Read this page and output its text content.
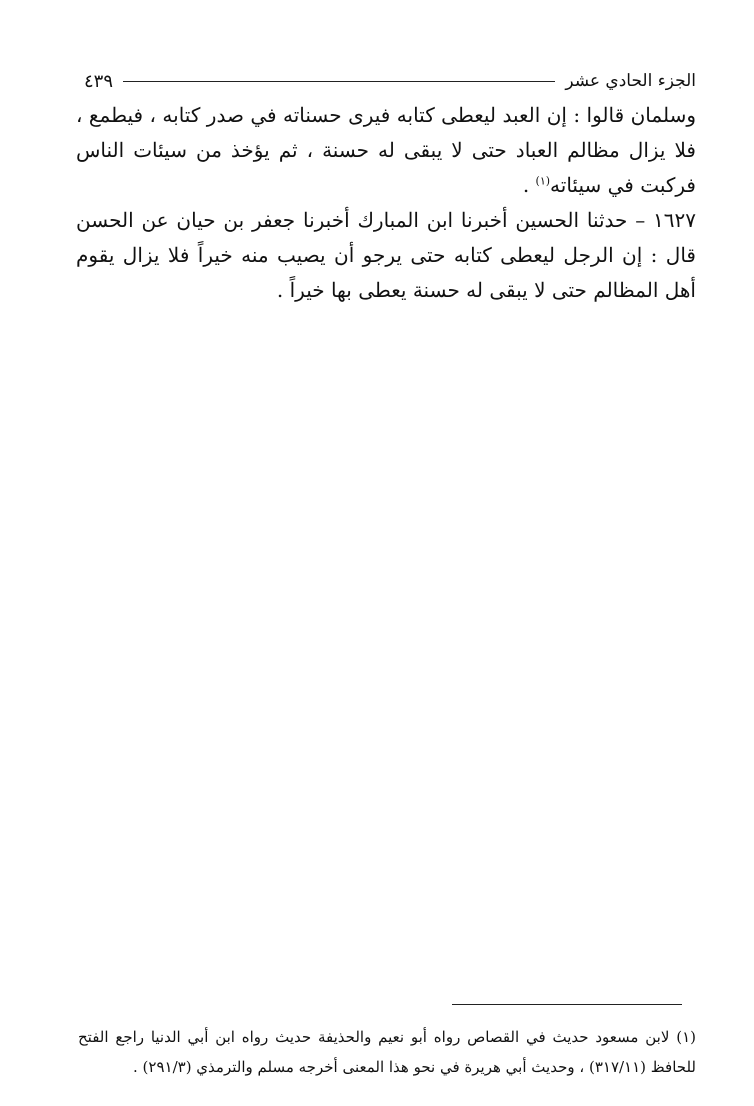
الجزء الحادي عشر
٤٣٩

وسلمان قالوا : إن العبد ليعطى كتابه فيرى حسناته في صدر كتابه ، فيطمع ، فلا يزال مظالم العباد حتى لا يبقى له حسنة ، ثم يؤخذ من سيئات الناس فركبت في سيئاته$^{(١)}$ .

١٦٢٧ – حدثنا الحسين أخبرنا ابن المبارك أخبرنا جعفر بن حيان عن الحسن قال : إن الرجل ليعطى كتابه حتى يرجو أن يصيب منه خيراً فلا يزال يقوم أهل المظالم حتى لا يبقى له حسنة يعطى بها خيراً .

(١) لابن مسعود حديث في القصاص رواه أبو نعيم والحذيفة حديث رواه ابن أبي الدنيا راجع الفتح للحافظ (٣١٧/١١) ، وحديث أبي هريرة في نحو هذا المعنى أخرجه مسلم والترمذي (٢٩١/٣) .
